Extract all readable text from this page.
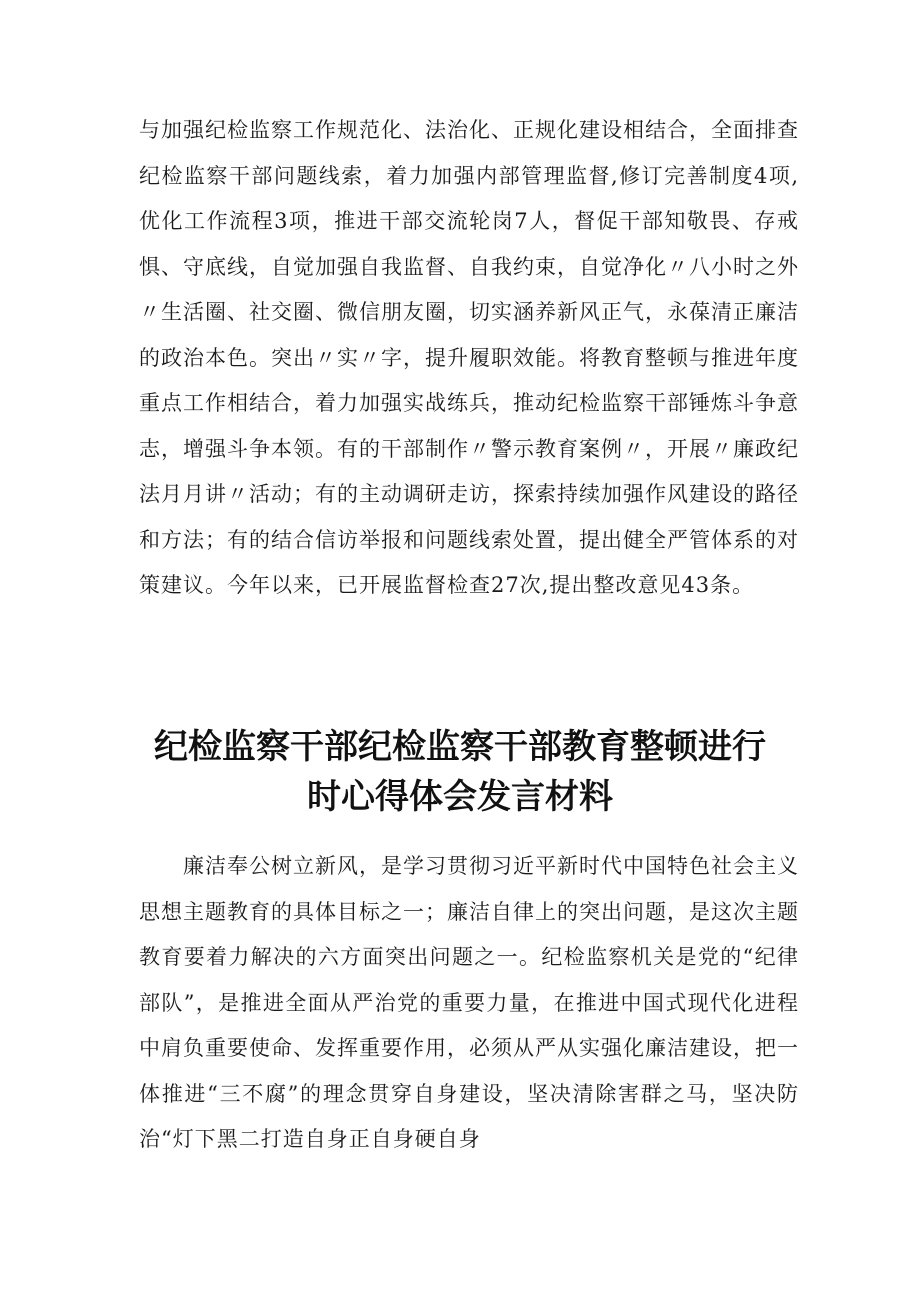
与加强纪检监察工作规范化、法治化、正规化建设相结合，全面排查纪检监察干部问题线索，着力加强内部管理监督,修订完善制度4项,优化工作流程3项，推进干部交流轮岗7人，督促干部知敬畏、存戒惧、守底线，自觉加强自我监督、自我约束，自觉净化〃八小时之外〃生活圈、社交圈、微信朋友圈，切实涵养新风正气，永葆清正廉洁的政治本色。突出〃实〃字，提升履职效能。将教育整顿与推进年度重点工作相结合，着力加强实战练兵，推动纪检监察干部锤炼斗争意志，增强斗争本领。有的干部制作〃警示教育案例〃，开展〃廉政纪法月月讲〃活动；有的主动调研走访，探索持续加强作风建设的路径和方法；有的结合信访举报和问题线索处置，提出健全严管体系的对策建议。今年以来，已开展监督检查27次,提出整改意见43条。

纪检监察干部纪检监察干部教育整顿进行
时心得体会发言材料

廉洁奉公树立新风，是学习贯彻习近平新时代中国特色社会主义思想主题教育的具体目标之一；廉洁自律上的突出问题，是这次主题教育要着力解决的六方面突出问题之一。纪检监察机关是党的“纪律部队”，是推进全面从严治党的重要力量，在推进中国式现代化进程中肩负重要使命、发挥重要作用，必须从严从实强化廉洁建设，把一体推进“三不腐”的理念贯穿自身建设，坚决清除害群之马，坚决防治“灯下黑二打造自身正自身硬自身
